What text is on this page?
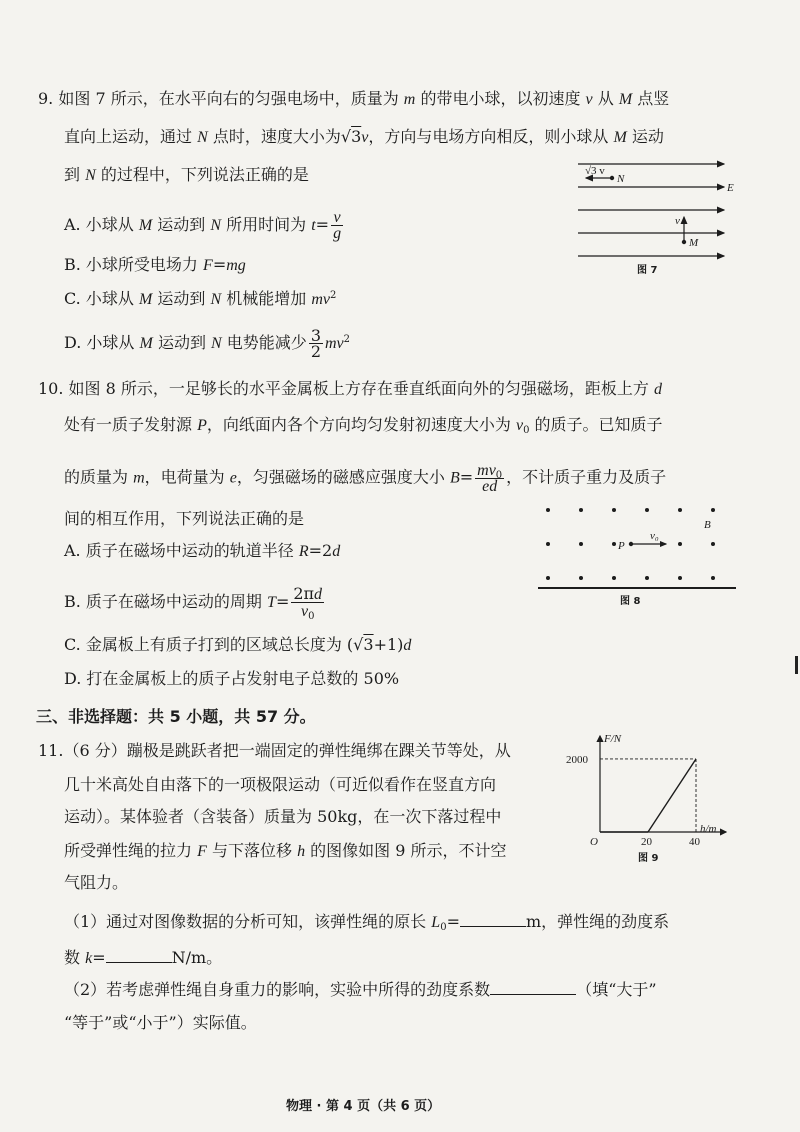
9. 如图 7 所示，在水平向右的匀强电场中，质量为 m 的带电小球，以初速度 v 从 M 点竖
直向上运动，通过 N 点时，速度大小为√3v，方向与电场方向相反，则小球从 M 运动
到 N 的过程中，下列说法正确的是
A. 小球从 M 运动到 N 所用时间为 $t= \frac{v}{g}$
B. 小球所受电场力 F=mg
C. 小球从 M 运动到 N 机械能增加 $mv^2$
D. 小球从 M 运动到 N 电势能减少 $\frac{3}{2} mv^2$
√3 v
N
E
v
M
图 7
10. 如图 8 所示，一足够长的水平金属板上方存在垂直纸面向外的匀强磁场，距板上方 d
处有一质子发射源 P，向纸面内各个方向均匀发射初速度大小为 $v_0$ 的质子。已知质子
的质量为 m，电荷量为 e，匀强磁场的磁感应强度大小 $B= \frac{mv_0}{ed}$ ，不计质子重力及质子
间的相互作用，下列说法正确的是
A. 质子在磁场中运动的轨道半径 R=2d
B. 质子在磁场中运动的周期 $T= \frac{2\pi d}{v_0}$
C. 金属板上有质子打到的区域总长度为 (√3+1)d
D. 打在金属板上的质子占发射电子总数的 50%
P
v₀
B
图 8
三、非选择题：共 5 小题，共 57 分。
11.（6 分）蹦极是跳跃者把一端固定的弹性绳绑在踝关节等处，从
几十米高处自由落下的一项极限运动（可近似看作在竖直方向
运动）。某体验者（含装备）质量为 50kg，在一次下落过程中
所受弹性绳的拉力 F 与下落位移 h 的图像如图 9 所示，不计空
气阻力。
（1）通过对图像数据的分析可知，该弹性绳的原长 $L_0=$	m，弹性绳的劲度系
数 k=	N/m。
（2）若考虑弹性绳自身重力的影响，实验中所得的劲度系数	（填“大于”
“等于”或“小于”）实际值。
F/N
h/m
2000
O	20	40
图 9
物理 · 第 4 页（共 6 页）
